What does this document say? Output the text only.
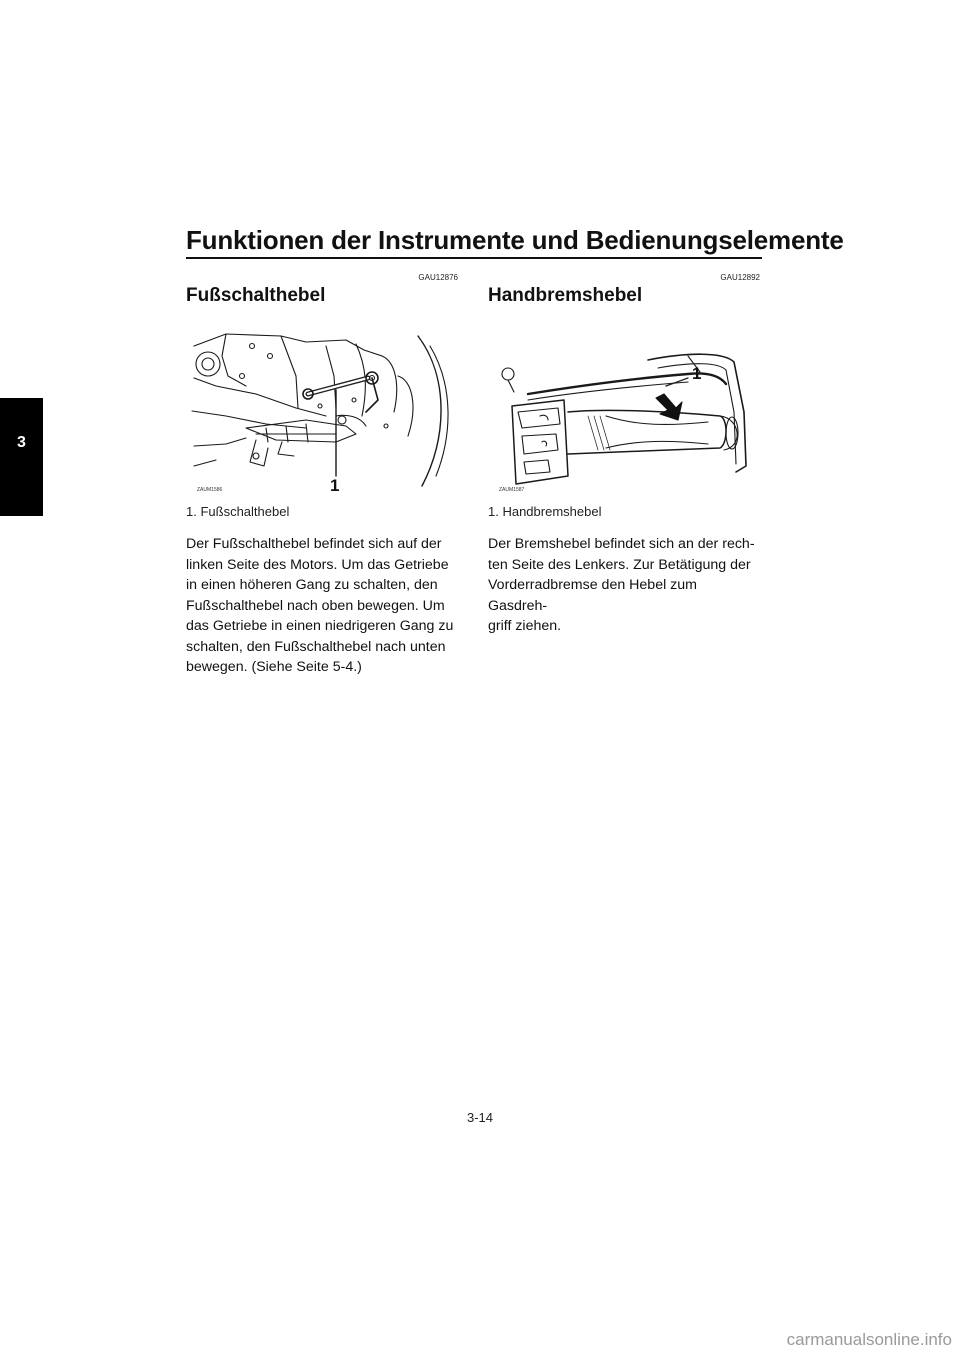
3
Funktionen der Instrumente und Bedienungselemente
GAU12876
Fußschalthebel
1
ZAUM1586
1. Fußschalthebel

Der Fußschalthebel befindet sich auf der
linken Seite des Motors. Um das Getriebe
in einen höheren Gang zu schalten, den
Fußschalthebel nach oben bewegen. Um
das Getriebe in einen niedrigeren Gang zu
schalten, den Fußschalthebel nach unten
bewegen. (Siehe Seite 5-4.)

GAU12892
Handbremshebel
1
ZAUM1587
1. Handbremshebel

Der Bremshebel befindet sich an der rech-
ten Seite des Lenkers. Zur Betätigung der
Vorderradbremse den Hebel zum Gasdreh-
griff ziehen.

3-14
carmanualsonline.info
